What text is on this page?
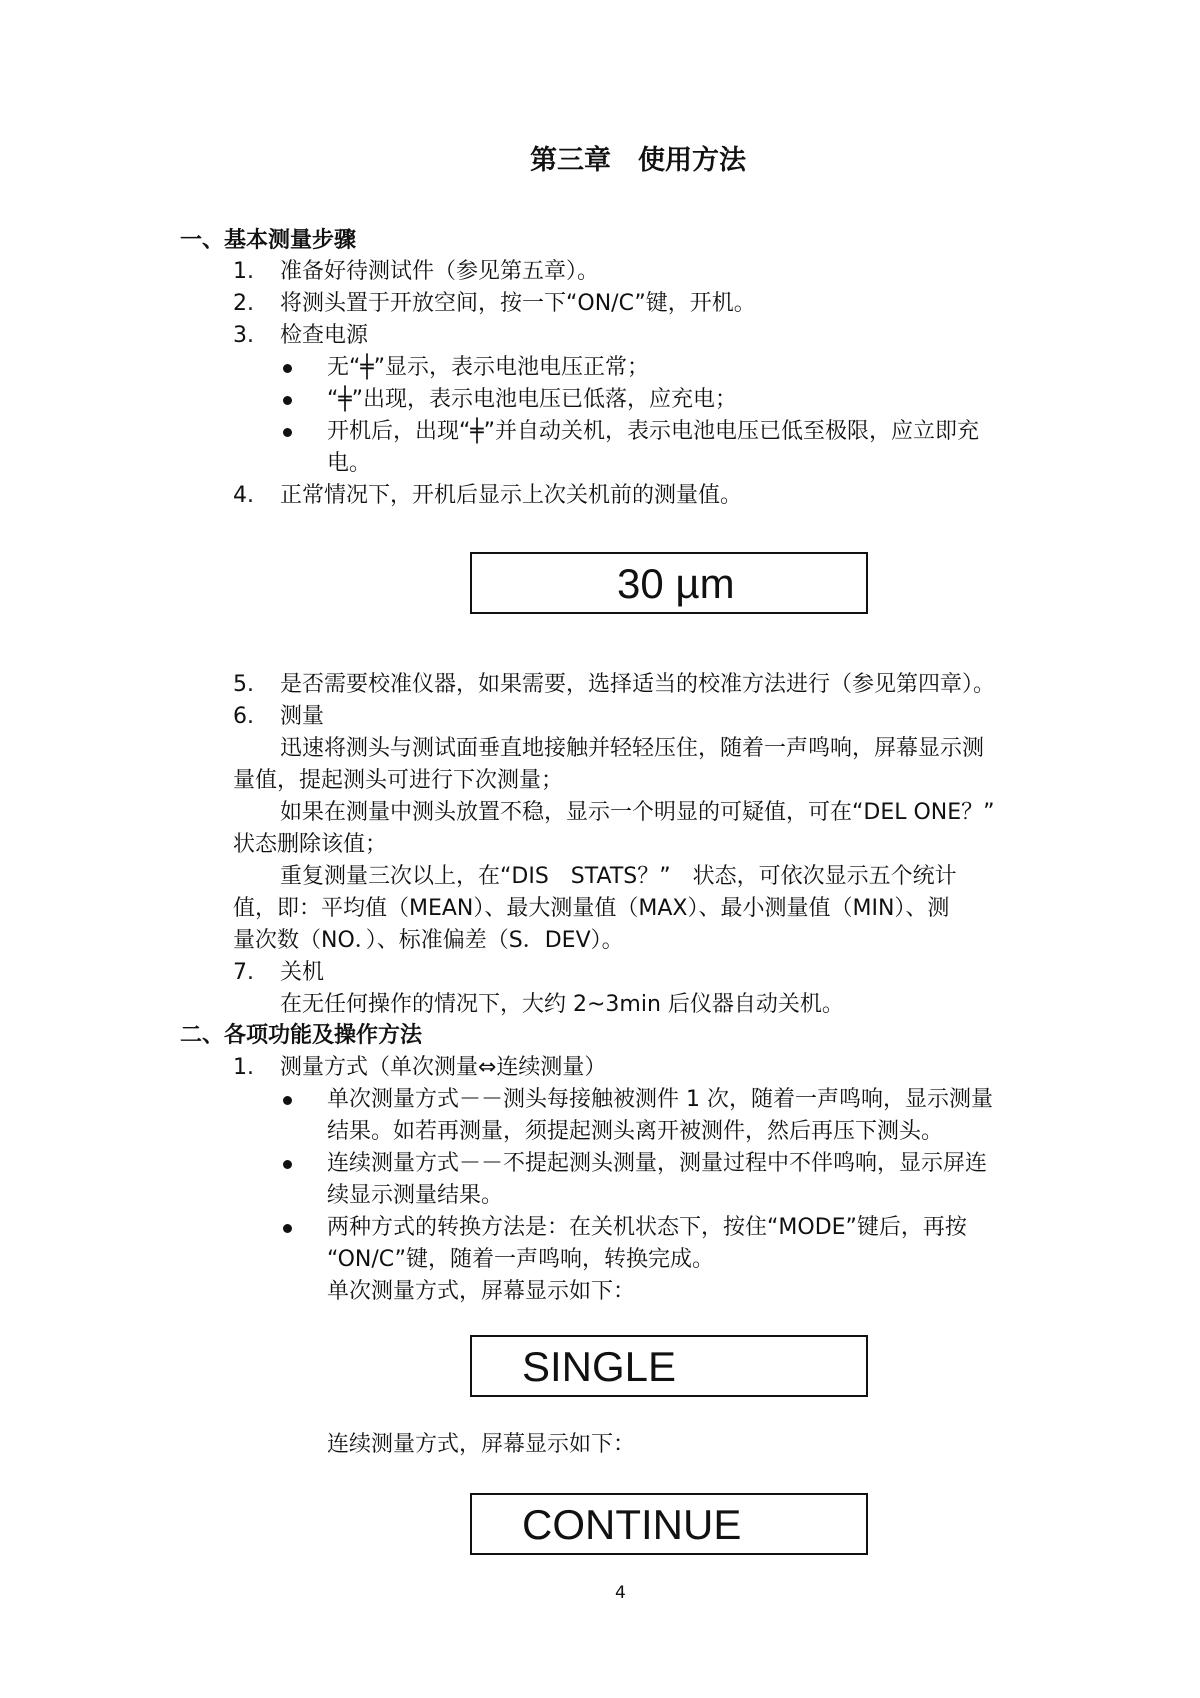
第三章　使用方法
一、基本测量步骤
1. 准备好待测试件（参见第五章）。
2. 将测头置于开放空间，按一下“ON/C”键，开机。
3. 检查电源
无“╪”显示，表示电池电压正常；
“╪”出现，表示电池电压已低落，应充电；
开机后，出现“╪”并自动关机，表示电池电压已低至极限，应立即充
电。
4. 正常情况下，开机后显示上次关机前的测量值。
30 µm
5. 是否需要校准仪器，如果需要，选择适当的校准方法进行（参见第四章）。
6. 测量
迅速将测头与测试面垂直地接触并轻轻压住，随着一声鸣响，屏幕显示测
量值，提起测头可进行下次测量；
如果在测量中测头放置不稳，显示一个明显的可疑值，可在“DEL ONE？”
状态删除该值；
重复测量三次以上，在“DIS　STATS？”　状态，可依次显示五个统计
值，即：平均值（MEAN）、最大测量值（MAX）、最小测量值（MIN）、测
量次数（NO．）、标准偏差（S．DEV）。
7. 关机
在无任何操作的情况下，大约 2~3min 后仪器自动关机。
二、各项功能及操作方法
1. 测量方式（单次测量⇔连续测量）
单次测量方式－－测头每接触被测件 1 次，随着一声鸣响，显示测量
结果。如若再测量，须提起测头离开被测件，然后再压下测头。
连续测量方式－－不提起测头测量，测量过程中不伴鸣响，显示屏连
续显示测量结果。
两种方式的转换方法是：在关机状态下，按住“MODE”键后，再按
“ON/C”键，随着一声鸣响，转换完成。
单次测量方式，屏幕显示如下：
SINGLE
连续测量方式，屏幕显示如下：
CONTINUE
4
